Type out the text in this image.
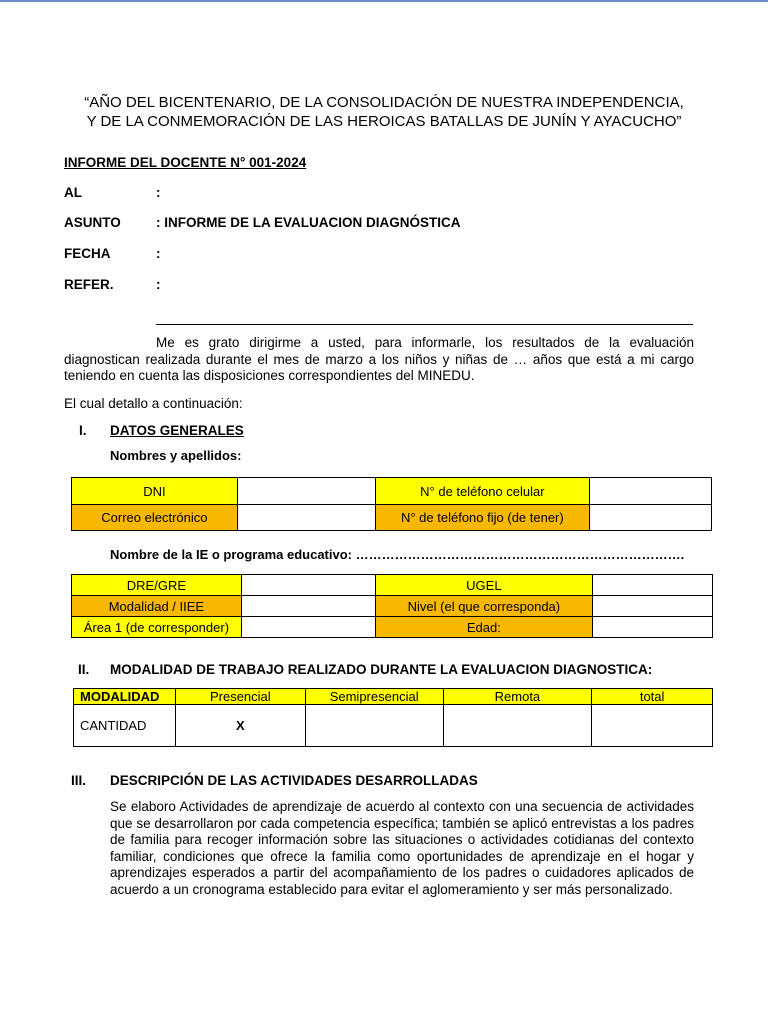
“AÑO DEL BICENTENARIO, DE LA CONSOLIDACIÓN DE NUESTRA INDEPENDENCIA,
Y DE LA CONMEMORACIÓN DE LAS HEROICAS BATALLAS DE JUNÍN Y AYACUCHO”
INFORME DEL DOCENTE N° 001-2024
AL	:
ASUNTO	: INFORME DE LA EVALUACION DIAGNÓSTICA
FECHA	:
REFER.	:
Me es grato dirigirme a usted, para informarle, los resultados de la evaluación diagnostican realizada durante el mes de marzo a los niños y niñas de … años que está a mi cargo teniendo en cuenta las disposiciones correspondientes del MINEDU.
El cual detallo a continuación:
I. DATOS GENERALES
Nombres y apellidos:
DNI		N° de teléfono celular	
Correo electrónico		N° de teléfono fijo (de tener)	
Nombre de la IE o programa educativo: ………………………………………………………………….
DRE/GRE		UGEL	
Modalidad / IIEE		Nivel (el que corresponda)	
Área 1 (de corresponder)		Edad:	
II. MODALIDAD DE TRABAJO REALIZADO DURANTE LA EVALUACION DIAGNOSTICA:
MODALIDAD	Presencial	Semipresencial	Remota	total
CANTIDAD	X			
III. DESCRIPCIÓN DE LAS ACTIVIDADES DESARROLLADAS
Se elaboro Actividades de aprendizaje de acuerdo al contexto con una secuencia de actividades que se desarrollaron por cada competencia específica; también se aplicó entrevistas a los padres de familia para recoger información sobre las situaciones o actividades cotidianas del contexto familiar, condiciones que ofrece la familia como oportunidades de aprendizaje en el hogar y aprendizajes esperados a partir del acompañamiento de los padres o cuidadores aplicados de acuerdo a un cronograma establecido para evitar el aglomeramiento y ser más personalizado.
